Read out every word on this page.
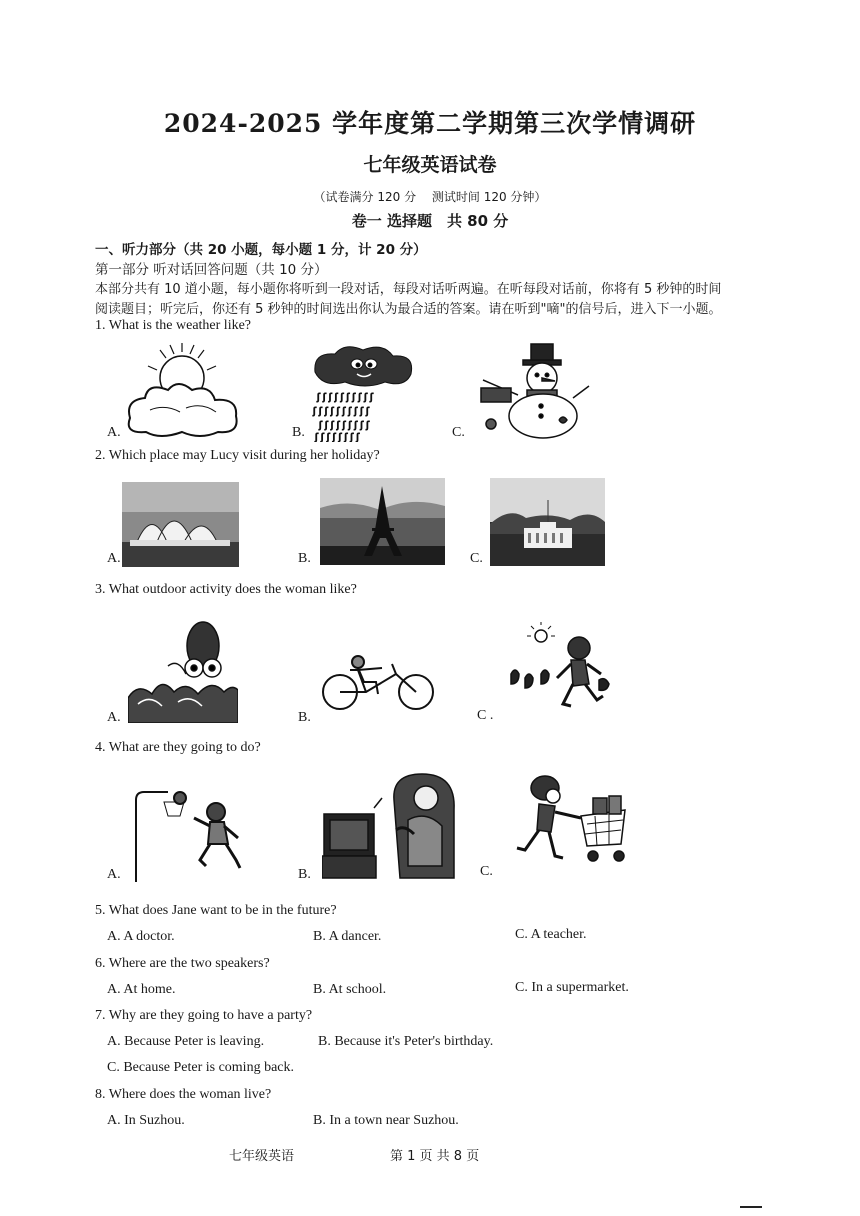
2024-2025 学年度第二学期第三次学情调研
七年级英语试卷
（试卷满分 120 分　 测试时间 120 分钟）
卷一 选择题　共 80 分
一、听力部分（共 20 小题，每小题 1 分，计 20 分）
第一部分 听对话回答问题（共 10 分）
本部分共有 10 道小题，每小题你将听到一段对话，每段对话听两遍。在听每段对话前，你将有 5 秒钟的时间
阅读题目；听完后，你还有 5 秒钟的时间选出你认为最合适的答案。请在听到"嘀"的信号后，进入下一小题。
1. What is the weather like?
A.	B.	C.
ʃ ʃ ʃ ʃ ʃ ʃ ʃ ʃ ʃ ʃ
ʃ ʃ ʃ ʃ ʃ ʃ ʃ ʃ ʃ ʃ
ʃ ʃ ʃ ʃ ʃ ʃ ʃ ʃ ʃ
ʃ ʃ ʃ ʃ ʃ ʃ ʃ ʃ
2. Which place may Lucy visit during her holiday?
A.	B.	C.
3. What outdoor activity does the woman like?
A.	B.	C .
4. What are they going to do?
A.	B.	C.
5. What does Jane want to be in the future?
A. A doctor.	B. A dancer.	C. A teacher.
6. Where are the two speakers?
A. At home.	B. At school.	C. In a supermarket.
7. Why are they going to have a party?
A. Because Peter is leaving.	B. Because it's Peter's birthday.
C. Because Peter is coming back.
8. Where does the woman live?
A. In Suzhou.	B. In a town near Suzhou.
七年级英语	第 1 页 共 8 页
